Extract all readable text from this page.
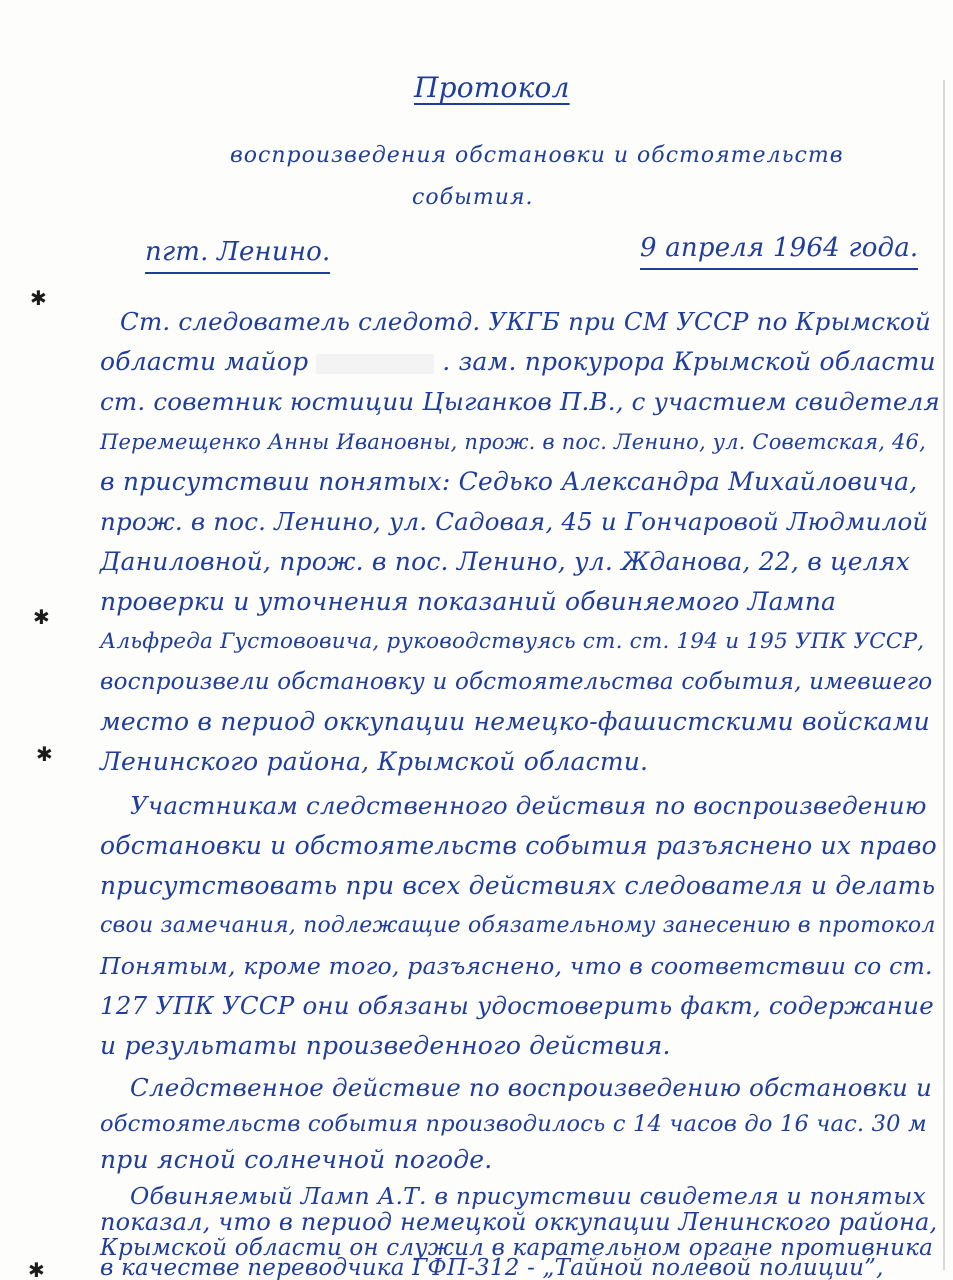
Протокол
воспроизведения обстановки и обстоятельств
события.
пгт. Ленино.	9 апреля 1964 года.
✱
✱
✱
✱
Ст. следователь следотд. УКГБ при СМ УССР по Крымской
области майор	. зам. прокурора Крымской области
ст. советник юстиции Цыганков П.В., с участием свидетеля
Перемещенко Анны Ивановны, прож. в пос. Ленино, ул. Советская, 46,
в присутствии понятых: Седько Александра Михайловича,
прож. в пос. Ленино, ул. Садовая, 45 и Гончаровой Людмилой
Даниловной, прож. в пос. Ленино, ул. Жданова, 22, в целях
проверки и уточнения показаний обвиняемого Лампа
Альфреда Густововича, руководствуясь ст. ст. 194 и 195 УПК УССР,
воспроизвели обстановку и обстоятельства события, имевшего
место в период оккупации немецко-фашистскими войсками
Ленинского района, Крымской области.
Участникам следственного действия по воспроизведению
обстановки и обстоятельств события разъяснено их право
присутствовать при всех действиях следователя и делать
свои замечания, подлежащие обязательному занесению в протокол
Понятым, кроме того, разъяснено, что в соответствии со ст.
127 УПК УССР они обязаны удостоверить факт, содержание
и результаты произведенного действия.
Следственное действие по воспроизведению обстановки и
обстоятельств события производилось с 14 часов до 16 час. 30 м
при ясной солнечной погоде.
Обвиняемый Ламп А.Т. в присутствии свидетеля и понятых
показал, что в период немецкой оккупации Ленинского района,
Крымской области он служил в карательном органе противника
в качестве переводчика ГФП-312 - „Тайной полевой полиции”,
